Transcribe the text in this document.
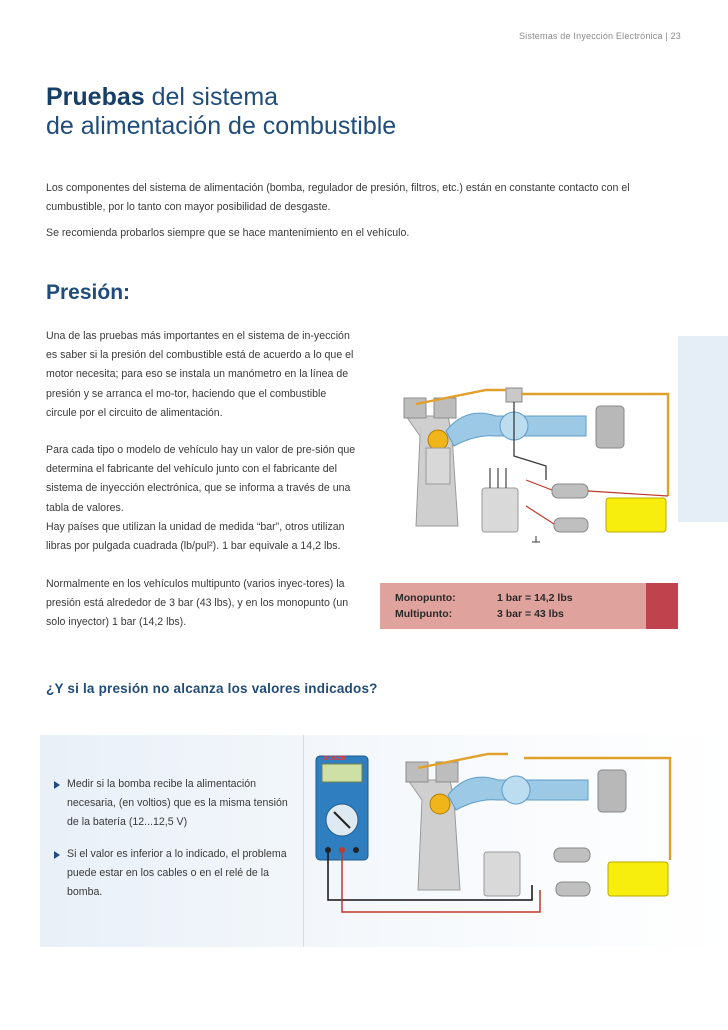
Sistemas de Inyección Electrónica | 23
Pruebas del sistema
de alimentación de combustible

Los componentes del sistema de alimentación (bomba, regulador de presión, filtros, etc.) están en constante contacto con el cumbustible, por lo tanto con mayor posibilidad de desgaste.

Se recomienda probarlos siempre que se hace mantenimiento en el vehículo.

Presión:

Una de las pruebas más importantes en el sistema de in-yección es saber si la presión del combustible está de acuerdo a lo que el motor necesita; para eso se instala un manómetro en la línea de presión y se arranca el mo-tor, haciendo que el combustible circule por el circuito de alimentación.

Para cada tipo o modelo de vehículo hay un valor de pre-sión que determina el fabricante del vehículo junto con el fabricante del sistema de inyección electrónica, que se informa a través de una tabla de valores.

Hay países que utilizan la unidad de medida “bar”, otros utilizan libras por pulgada cuadrada (lb/pul²). 1 bar equivale a 14,2 lbs.

Normalmente en los vehículos multipunto (varios inyec-tores) la presión está alrededor de 3 bar (43 lbs), y en los monopunto (un solo inyector) 1 bar (14,2 lbs).

Monopunto:	1 bar = 14,2 lbs
Multipunto:	3 bar = 43 lbs
¿Y si la presión no alcanza los valores indicados?
Medir si la bomba recibe la alimentación necesaria, (en voltios) que es la misma tensión de la batería (12...12,5 V)
Si el valor es inferior a lo indicado, el problema puede estar en los cables o en el relé de la bomba.
BOSCH
